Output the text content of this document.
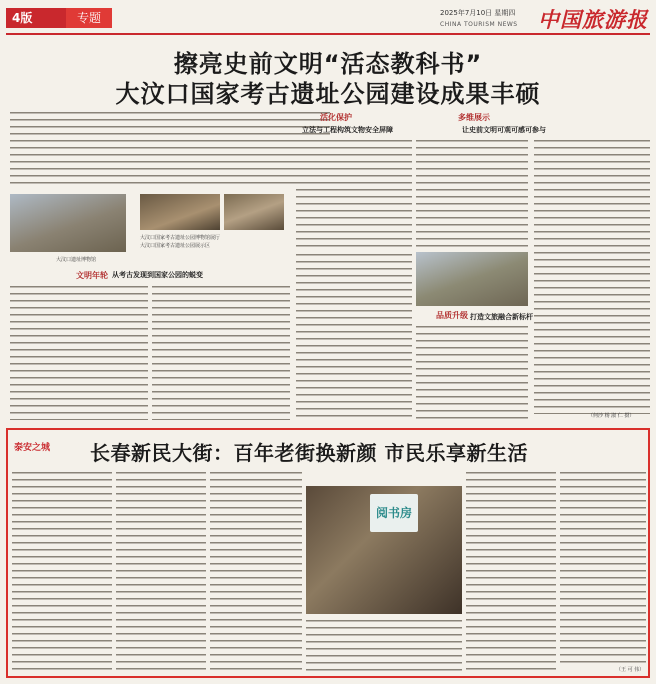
4版	专题	2025年7月10日 星期四
CHINA TOURISM NEWS 中国旅游报
擦亮史前文明“活态教科书”
大汶口国家考古遗址公园建设成果丰硕
活化保护
立法与工程构筑文物安全屏障
多维展示
让史前文明可观可感可参与
大汶口遗址博物馆
大汶口国家考古遗址公园博物馆展厅
大汶口国家考古遗址公园展示区
文明年轮 从考古发现到国家公园的蜕变
品质升级 打造文旅融合新标杆
（何沙 杨 淑 仁 摄）
泰安之城 长春新民大街：百年老街换新颜 市民乐享新生活
阅书房
（王 可 伟）
